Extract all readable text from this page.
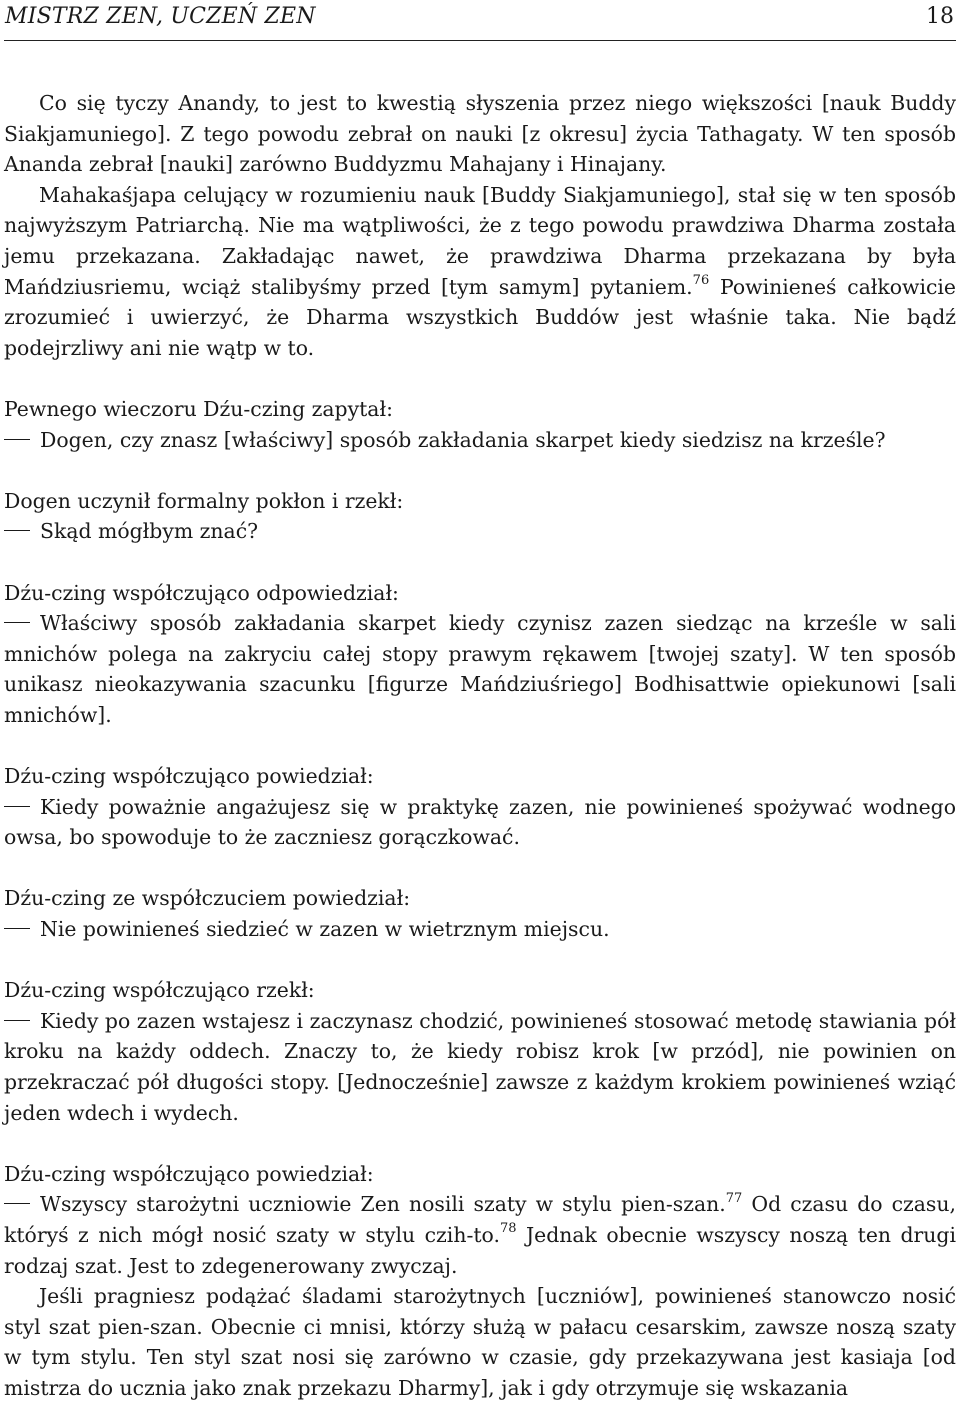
MISTRZ ZEN, UCZEŃ ZEN	18

Co się tyczy Anandy, to jest to kwestią słyszenia przez niego większości [nauk Buddy Siakjamuniego]. Z tego powodu zebrał on nauki [z okresu] życia Tathagaty. W ten sposób Ananda zebrał [nauki] zarówno Buddyzmu Mahajany i Hinajany.

Mahakaśjapa celujący w rozumieniu nauk [Buddy Siakjamuniego], stał się w ten sposób najwyższym Patriarchą. Nie ma wątpliwości, że z tego powodu prawdziwa Dharma została jemu przekazana. Zakładając nawet, że prawdziwa Dharma przekazana by była Mańdziusriemu, wciąż stalibyśmy przed [tym samym] pytaniem.$^{76}$ Powinieneś całkowicie zrozumieć i uwierzyć, że Dharma wszystkich Buddów jest właśnie taka. Nie bądź podejrzliwy ani nie wątp w to.

Pewnego wieczoru Dźu-czing zapytał:

Dogen, czy znasz [właściwy] sposób zakładania skarpet kiedy siedzisz na krześle?

Dogen uczynił formalny pokłon i rzekł:

Skąd mógłbym znać?

Dźu-czing współczująco odpowiedział:

Właściwy sposób zakładania skarpet kiedy czynisz zazen siedząc na krześle w sali mnichów polega na zakryciu całej stopy prawym rękawem [twojej szaty]. W ten sposób unikasz nieokazywania szacunku [figurze Mańdziuśriego] Bodhisattwie opiekunowi [sali mnichów].

Dźu-czing współczująco powiedział:

Kiedy poważnie angażujesz się w praktykę zazen, nie powinieneś spożywać wodnego owsa, bo spowoduje to że zaczniesz gorączkować.

Dźu-czing ze współczuciem powiedział:

Nie powinieneś siedzieć w zazen w wietrznym miejscu.

Dźu-czing współczująco rzekł:

Kiedy po zazen wstajesz i zaczynasz chodzić, powinieneś stosować metodę stawiania pół kroku na każdy oddech. Znaczy to, że kiedy robisz krok [w przód], nie powinien on przekraczać pół długości stopy. [Jednocześnie] zawsze z każdym krokiem powinieneś wziąć jeden wdech i wydech.

Dźu-czing współczująco powiedział:

Wszyscy starożytni uczniowie Zen nosili szaty w stylu pien-szan.$^{77}$ Od czasu do czasu, któryś z nich mógł nosić szaty w stylu czih-to.$^{78}$ Jednak obecnie wszyscy noszą ten drugi rodzaj szat. Jest to zdegenerowany zwyczaj.

Jeśli pragniesz podążać śladami starożytnych [uczniów], powinieneś stanowczo nosić styl szat pien-szan. Obecnie ci mnisi, którzy służą w pałacu cesarskim, zawsze noszą szaty w tym stylu. Ten styl szat nosi się zarówno w czasie, gdy przekazywana jest kasiaja [od mistrza do ucznia jako znak przekazu Dharmy], jak i gdy otrzymuje się wskazania
